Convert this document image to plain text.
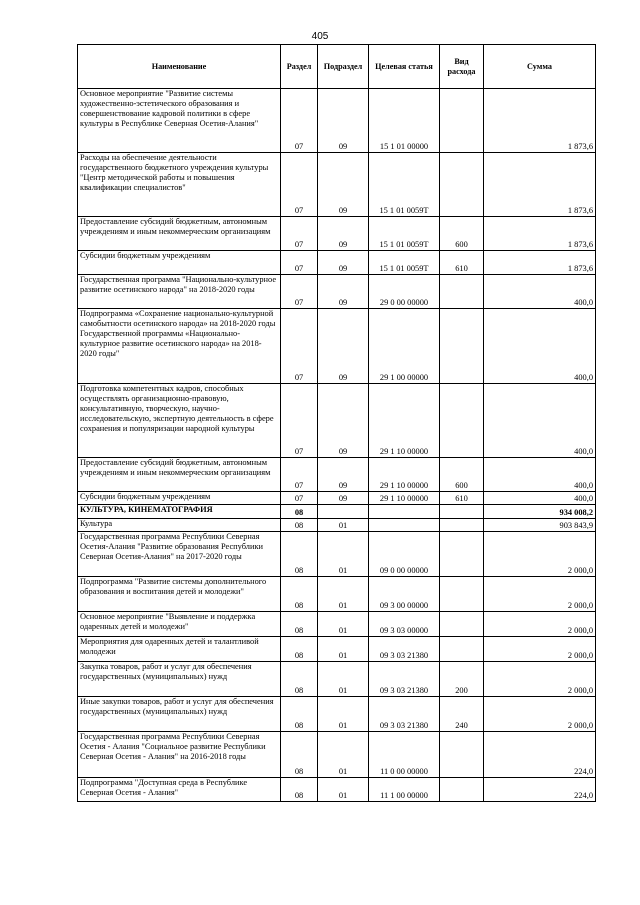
405
Наименование	Раздел	Подраздел	Целевая статья	Вид расхода	Сумма
Основное мероприятие "Развитие системы художественно-эстетического образования и совершенствование кадровой политики в сфере культуры в Республике Северная Осетия-Алания"	07	09	15 1 01 00000		1 873,6
Расходы на обеспечение деятельности государственного бюджетного учреждения культуры "Центр методической работы и повышения квалификации специалистов"	07	09	15 1 01 0059Т		1 873,6
Предоставление субсидий бюджетным, автономным учреждениям и иным некоммерческим организациям	07	09	15 1 01 0059Т	600	1 873,6
Субсидии бюджетным учреждениям	07	09	15 1 01 0059Т	610	1 873,6
Государственная программа "Национально-культурное развитие осетинского народа" на 2018-2020 годы	07	09	29 0 00 00000		400,0
Подпрограмма «Сохранение национально-культурной самобытности осетинского народа» на 2018-2020 годы Государственной программы «Национально-культурное развитие осетинского народа» на 2018-2020 годы"	07	09	29 1 00 00000		400,0
Подготовка компетентных кадров, способных осуществлять организационно-правовую, консультативную, творческую, научно-исследовательскую, экспертную деятельность в сфере сохранения и популяризации народной культуры	07	09	29 1 10 00000		400,0
Предоставление субсидий бюджетным, автономным учреждениям и иным некоммерческим организациям	07	09	29 1 10 00000	600	400,0
Субсидии бюджетным учреждениям	07	09	29 1 10 00000	610	400,0
КУЛЬТУРА, КИНЕМАТОГРАФИЯ	08				934 008,2
Культура	08	01			903 843,9
Государственная программа Республики Северная Осетия-Алания "Развитие образования Республики Северная Осетия-Алания" на 2017-2020 годы	08	01	09 0 00 00000		2 000,0
Подпрограмма "Развитие системы дополнительного образования и воспитания детей и молодежи"	08	01	09 3 00 00000		2 000,0
Основное мероприятие "Выявление и поддержка одаренных детей и молодежи"	08	01	09 3 03 00000		2 000,0
Мероприятия для одаренных детей и талантливой молодежи	08	01	09 3 03 21380		2 000,0
Закупка товаров, работ и услуг для обеспечения государственных (муниципальных) нужд	08	01	09 3 03 21380	200	2 000,0
Иные закупки товаров, работ и услуг для обеспечения государственных (муниципальных) нужд	08	01	09 3 03 21380	240	2 000,0
Государственная программа Республики Северная Осетия - Алания "Социальное развитие Республики Северная Осетия - Алания" на 2016-2018 годы	08	01	11 0 00 00000		224,0
Подпрограмма "Доступная среда в Республике Северная Осетия - Алания"	08	01	11 1 00 00000		224,0
